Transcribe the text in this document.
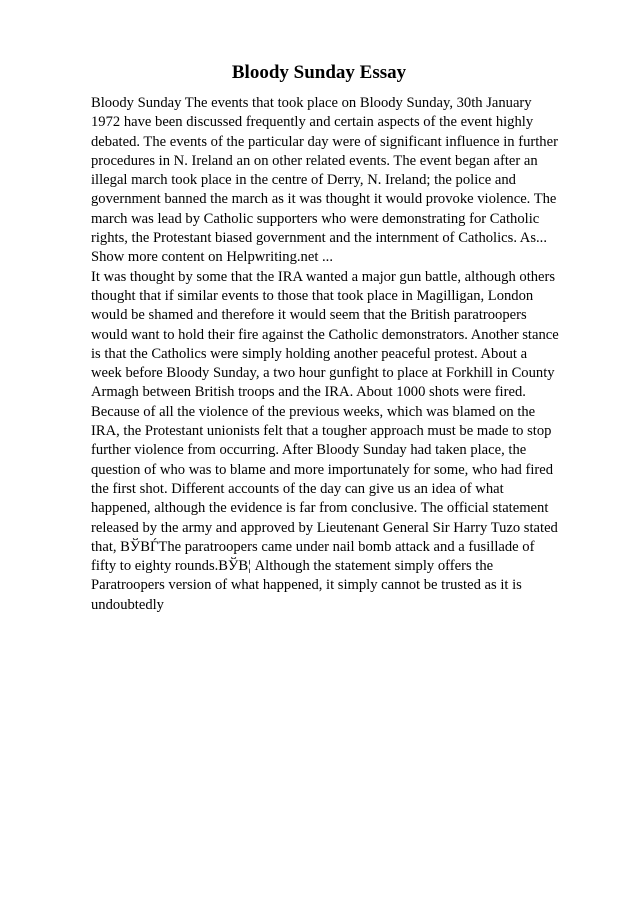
Bloody Sunday Essay

Bloody Sunday The events that took place on Bloody Sunday, 30th January 1972 have been discussed frequently and certain aspects of the event highly debated. The events of the particular day were of significant influence in further procedures in N. Ireland an on other related events. The event began after an illegal march took place in the centre of Derry, N. Ireland; the police and government banned the march as it was thought it would provoke violence. The march was lead by Catholic supporters who were demonstrating for Catholic rights, the Protestant biased government and the internment of Catholics. As... Show more content on Helpwriting.net ...

It was thought by some that the IRA wanted a major gun battle, although others thought that if similar events to those that took place in Magilligan, London would be shamed and therefore it would seem that the British paratroopers would want to hold their fire against the Catholic demonstrators. Another stance is that the Catholics were simply holding another peaceful protest. About a week before Bloody Sunday, a two hour gunfight to place at Forkhill in County Armagh between British troops and the IRA. About 1000 shots were fired. Because of all the violence of the previous weeks, which was blamed on the IRA, the Protestant unionists felt that a tougher approach must be made to stop further violence from occurring. After Bloody Sunday had taken place, the question of who was to blame and more importunately for some, who had fired the first shot. Different accounts of the day can give us an idea of what happened, although the evidence is far from conclusive. The official statement released by the army and approved by Lieutenant General Sir Harry Tuzo stated that, BЎВЃThe paratroopers came under nail bomb attack and a fusillade of fifty to eighty rounds.BЎВ¦ Although the statement simply offers the Paratroopers version of what happened, it simply cannot be trusted as it is undoubtedly
